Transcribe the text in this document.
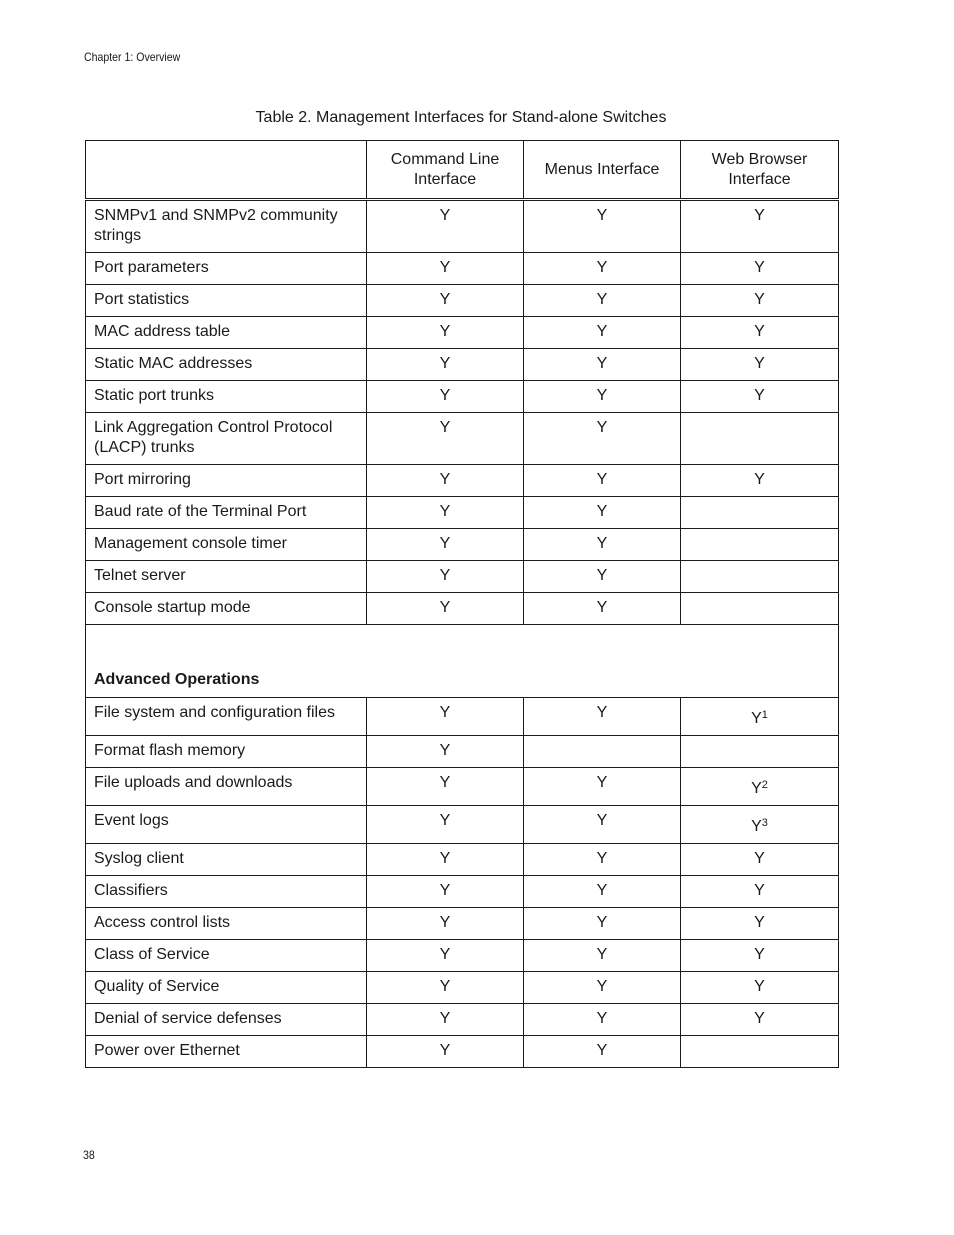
Chapter 1: Overview
Table 2. Management Interfaces for Stand-alone Switches
	Command Line Interface	Menus Interface	Web Browser Interface

SNMPv1 and SNMPv2 community strings	Y	Y	Y

Port parameters	Y	Y	Y

Port statistics	Y	Y	Y

MAC address table	Y	Y	Y

Static MAC addresses	Y	Y	Y

Static port trunks	Y	Y	Y

Link Aggregation Control Protocol (LACP) trunks	Y	Y	

Port mirroring	Y	Y	Y

Baud rate of the Terminal Port	Y	Y	

Management console timer	Y	Y	

Telnet server	Y	Y	

Console startup mode	Y	Y	

Advanced Operations			

File system and configuration files	Y	Y	$Y^1$

Format flash memory	Y		

File uploads and downloads	Y	Y	$Y^2$

Event logs	Y	Y	$Y^3$

Syslog client	Y	Y	Y

Classifiers	Y	Y	Y

Access control lists	Y	Y	Y

Class of Service	Y	Y	Y

Quality of Service	Y	Y	Y

Denial of service defenses	Y	Y	Y

Power over Ethernet	Y	Y	

38
